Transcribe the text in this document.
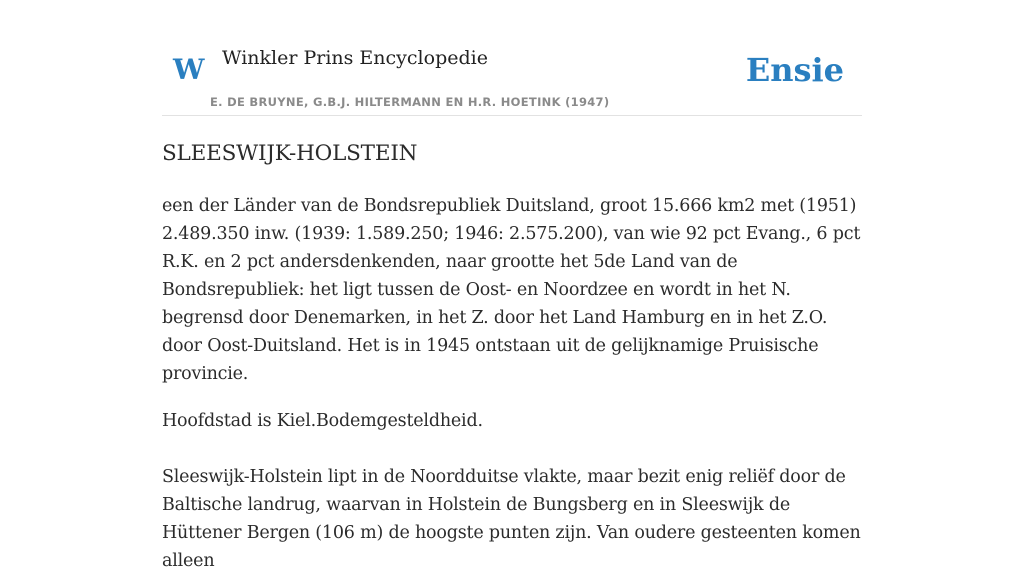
W Winkler Prins Encyclopedie
E. DE BRUYNE, G.B.J. HILTERMANN EN H.R. HOETINK (1947)
Ensie
SLEESWIJK-HOLSTEIN

een der Länder van de Bondsrepubliek Duitsland, groot 15.666 km2 met (1951) 2.489.350 inw. (1939: 1.589.250; 1946: 2.575.200), van wie 92 pct Evang., 6 pct R.K. en 2 pct andersdenkenden, naar grootte het 5de Land van de Bondsrepubliek: het ligt tussen de Oost- en Noordzee en wordt in het N. begrensd door Denemarken, in het Z. door het Land Hamburg en in het Z.O. door Oost-Duitsland. Het is in 1945 ontstaan uit de gelijknamige Pruisische provincie.

Hoofdstad is Kiel.Bodemgesteldheid.

Sleeswijk-Holstein lipt in de Noordduitse vlakte, maar bezit enig reliëf door de Baltische landrug, waarvan in Holstein de Bungsberg en in Sleeswijk de Hüttener Bergen (106 m) de hoogste punten zijn. Van oudere gesteenten komen alleen
